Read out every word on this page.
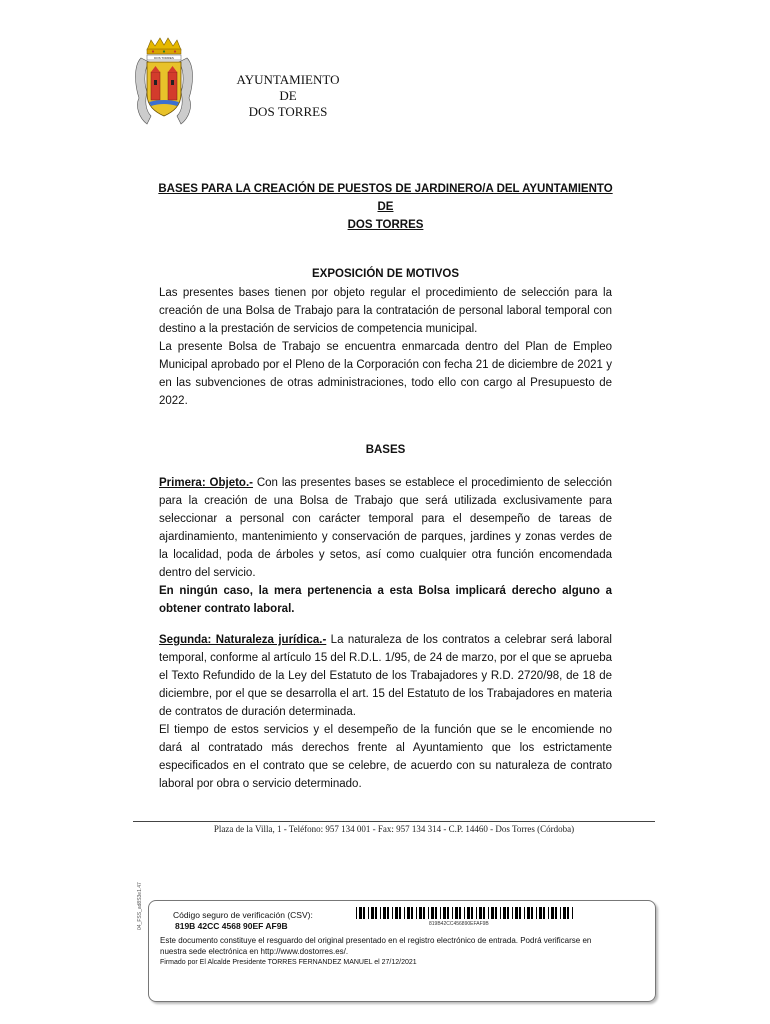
DOS TORRES
AYUNTAMIENTO
DE
DOS TORRES
BASES PARA LA CREACIÓN DE PUESTOS DE JARDINERO/A DEL AYUNTAMIENTO DE
DOS TORRES
EXPOSICIÓN DE MOTIVOS

Las presentes bases tienen por objeto regular el procedimiento de selección para la creación de una Bolsa de Trabajo para la contratación de personal laboral temporal con destino a la prestación de servicios de competencia municipal.

La presente Bolsa de Trabajo se encuentra enmarcada dentro del Plan de Empleo Municipal aprobado por el Pleno de la Corporación con fecha 21 de diciembre de 2021 y en las subvenciones de otras administraciones, todo ello con cargo al Presupuesto de 2022.

BASES

Primera: Objeto.- Con las presentes bases se establece el procedimiento de selección para la creación de una Bolsa de Trabajo que será utilizada exclusivamente para seleccionar a personal con carácter temporal para el desempeño de tareas de ajardinamiento, mantenimiento y conservación de parques, jardines y zonas verdes de la localidad, poda de árboles y setos, así como cualquier otra función encomendada dentro del servicio.

En ningún caso, la mera pertenencia a esta Bolsa implicará derecho alguno a obtener contrato laboral.

Segunda: Naturaleza jurídica.- La naturaleza de los contratos a celebrar será laboral temporal, conforme al artículo 15 del R.D.L. 1/95, de 24 de marzo, por el que se aprueba el Texto Refundido de la Ley del Estatuto de los Trabajadores y R.D. 2720/98, de 18 de diciembre, por el que se desarrolla el art. 15 del Estatuto de los Trabajadores en materia de contratos de duración determinada.

El tiempo de estos servicios y el desempeño de la función que se le encomiende no dará al contratado más derechos frente al Ayuntamiento que los estrictamente especificados en el contrato que se celebre, de acuerdo con su naturaleza de contrato laboral por obra o servicio determinado.

Plaza de la Villa, 1 - Teléfono: 957 134 001 - Fax: 957 134 314 - C.P. 14460 - Dos Torres (Córdoba)
04_FSS_ad8S3e1.47	Código seguro de verificación (CSV):
819B 42CC 4568 90EF AF9B	819B42CC456890EFAF9B
Este documento constituye el resguardo del original presentado en el registro electrónico de entrada. Podrá verificarse en nuestra sede electrónica en http://www.dostorres.es/.
Firmado por El Alcalde Presidente TORRES FERNANDEZ MANUEL el 27/12/2021
